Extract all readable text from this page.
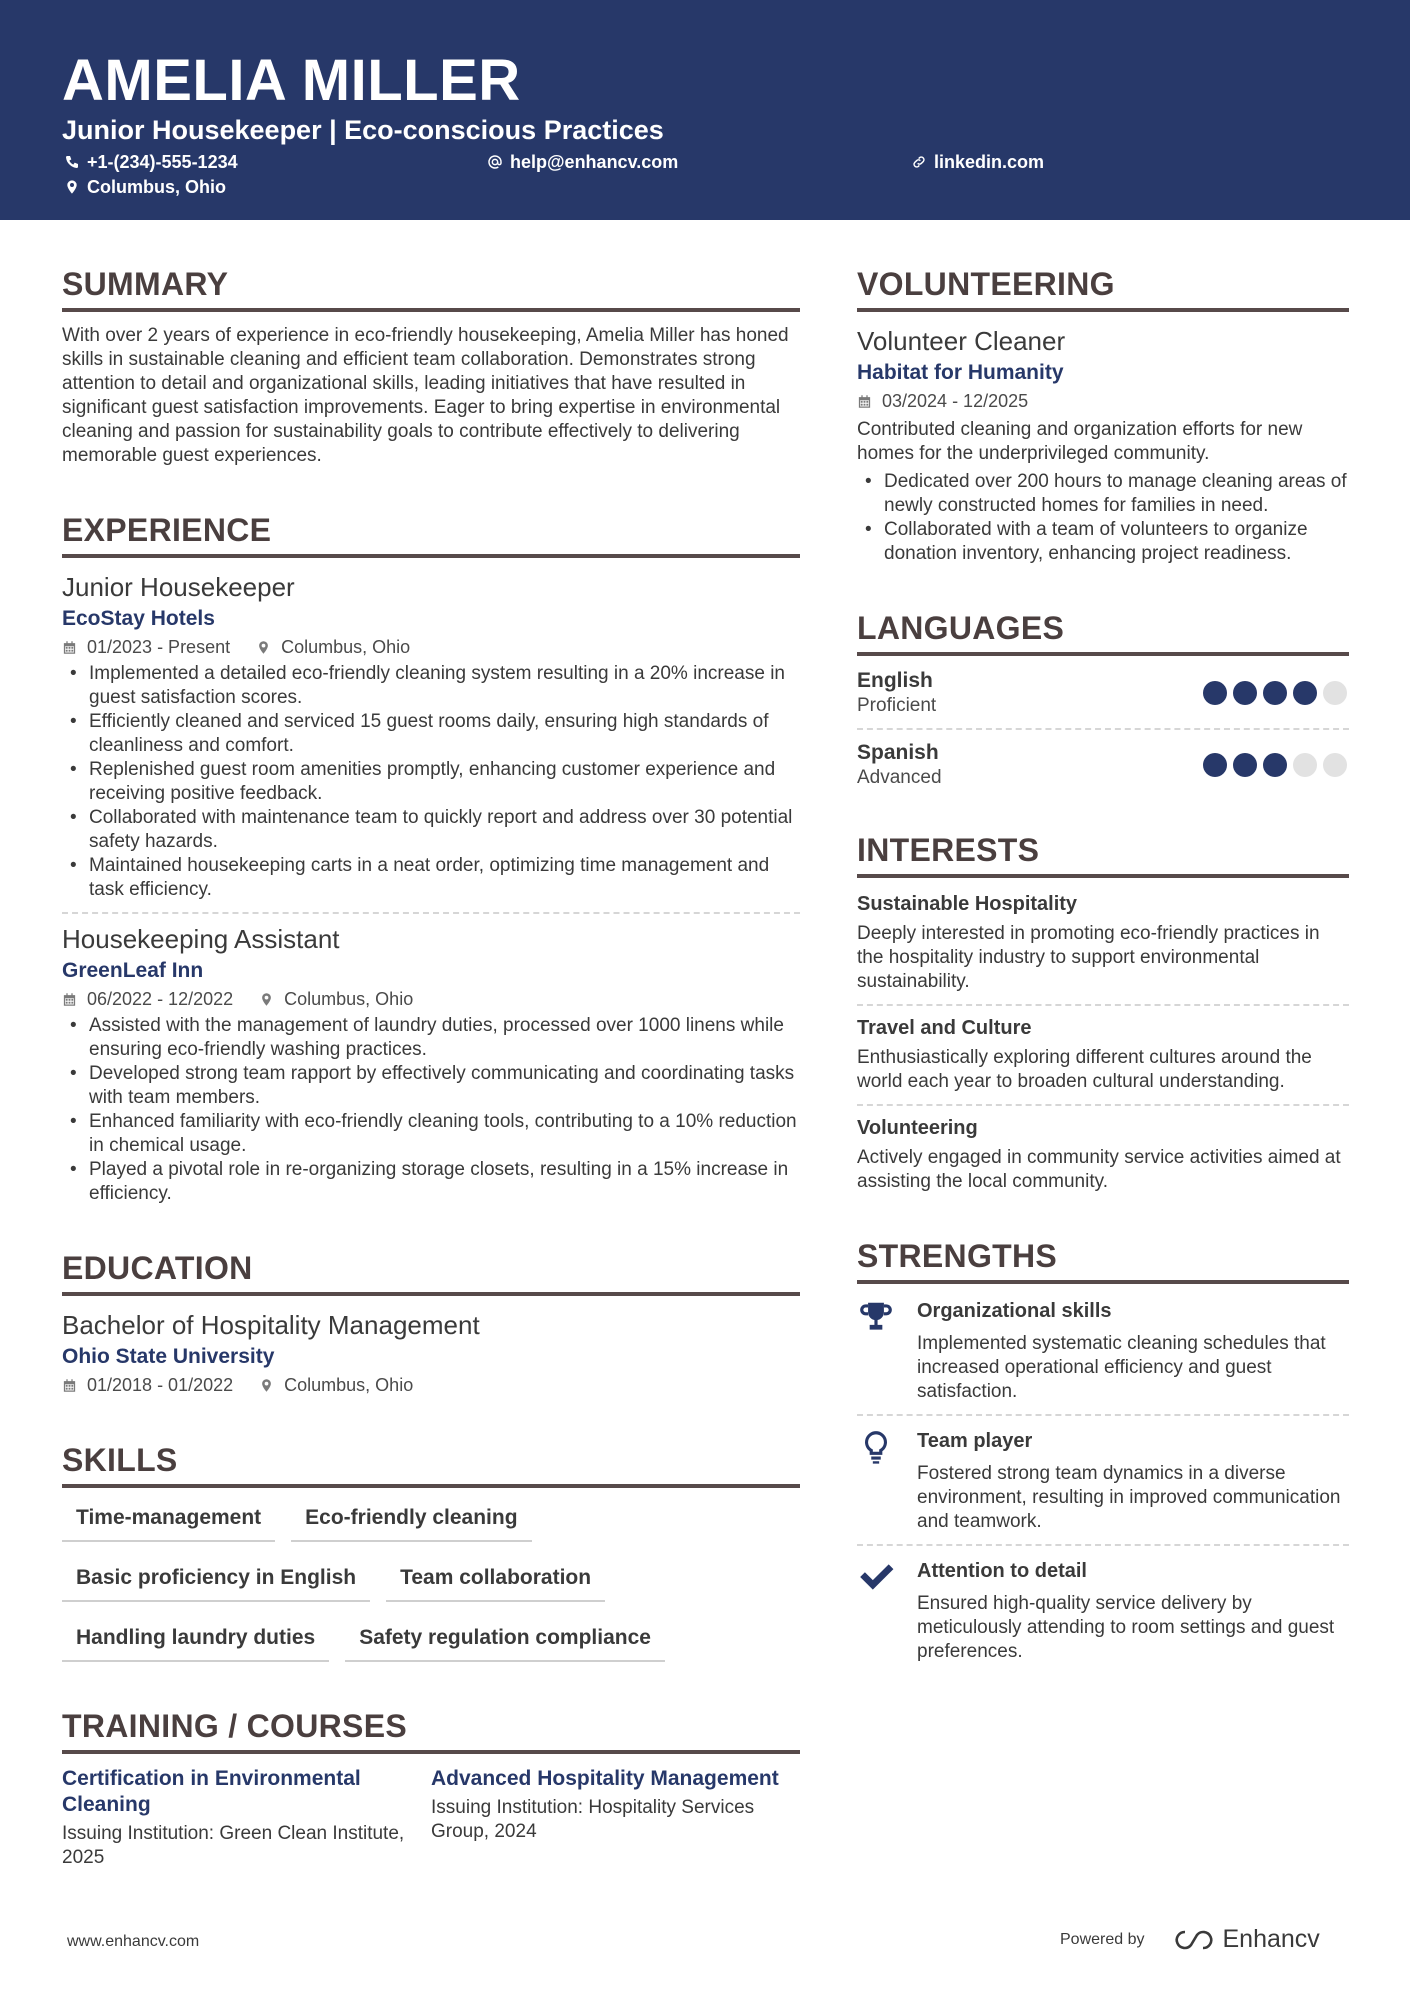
AMELIA MILLER
Junior Housekeeper | Eco-conscious Practices
+1-(234)-555-1234	help@enhancv.com	linkedin.com
Columbus, Ohio
SUMMARY
With over 2 years of experience in eco-friendly housekeeping, Amelia Miller has honed skills in sustainable cleaning and efficient team collaboration. Demonstrates strong attention to detail and organizational skills, leading initiatives that have resulted in significant guest satisfaction improvements. Eager to bring expertise in environmental cleaning and passion for sustainability goals to contribute effectively to delivering memorable guest experiences.
EXPERIENCE
Junior Housekeeper
EcoStay Hotels
01/2023 - Present	Columbus, Ohio
• Implemented a detailed eco-friendly cleaning system resulting in a 20% increase in guest satisfaction scores.
• Efficiently cleaned and serviced 15 guest rooms daily, ensuring high standards of cleanliness and comfort.
• Replenished guest room amenities promptly, enhancing customer experience and receiving positive feedback.
• Collaborated with maintenance team to quickly report and address over 30 potential safety hazards.
• Maintained housekeeping carts in a neat order, optimizing time management and task efficiency.
Housekeeping Assistant
GreenLeaf Inn
06/2022 - 12/2022	Columbus, Ohio
• Assisted with the management of laundry duties, processed over 1000 linens while ensuring eco-friendly washing practices.
• Developed strong team rapport by effectively communicating and coordinating tasks with team members.
• Enhanced familiarity with eco-friendly cleaning tools, contributing to a 10% reduction in chemical usage.
• Played a pivotal role in re-organizing storage closets, resulting in a 15% increase in efficiency.
EDUCATION
Bachelor of Hospitality Management
Ohio State University
01/2018 - 01/2022	Columbus, Ohio
SKILLS
Time-management	Eco-friendly cleaning
Basic proficiency in English	Team collaboration
Handling laundry duties	Safety regulation compliance
TRAINING / COURSES
Certification in Environmental Cleaning
Issuing Institution: Green Clean Institute, 2025
Advanced Hospitality Management
Issuing Institution: Hospitality Services Group, 2024
VOLUNTEERING
Volunteer Cleaner
Habitat for Humanity
03/2024 - 12/2025
Contributed cleaning and organization efforts for new homes for the underprivileged community.
• Dedicated over 200 hours to manage cleaning areas of newly constructed homes for families in need.
• Collaborated with a team of volunteers to organize donation inventory, enhancing project readiness.
LANGUAGES
English
Proficient
Spanish
Advanced
INTERESTS
Sustainable Hospitality
Deeply interested in promoting eco-friendly practices in the hospitality industry to support environmental sustainability.
Travel and Culture
Enthusiastically exploring different cultures around the world each year to broaden cultural understanding.
Volunteering
Actively engaged in community service activities aimed at assisting the local community.
STRENGTHS
Organizational skills
Implemented systematic cleaning schedules that increased operational efficiency and guest satisfaction.
Team player
Fostered strong team dynamics in a diverse environment, resulting in improved communication and teamwork.
Attention to detail
Ensured high-quality service delivery by meticulously attending to room settings and guest preferences.
www.enhancv.com	Powered by	Enhancv
